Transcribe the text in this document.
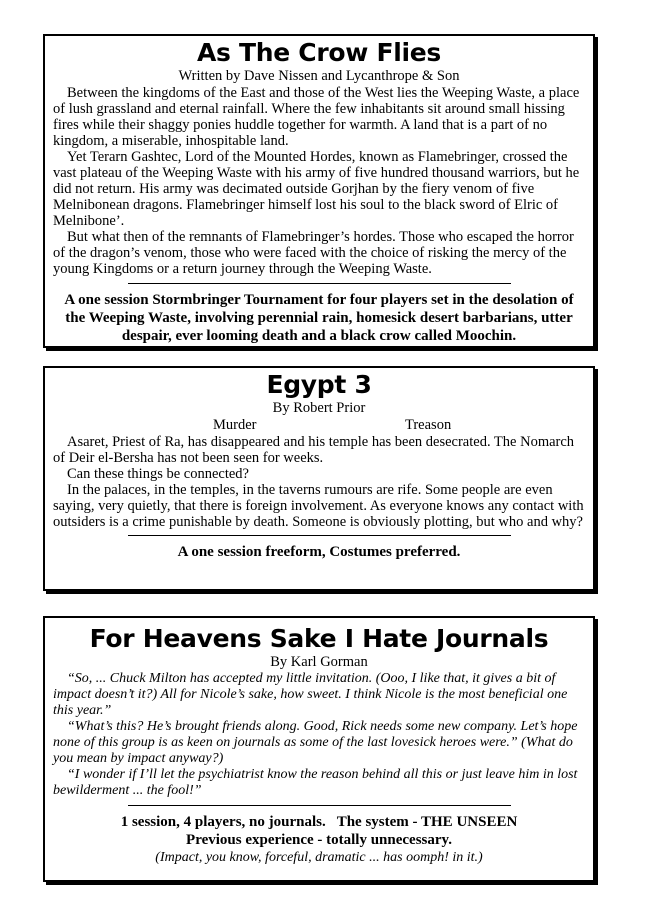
As The Crow Flies
Written by Dave Nissen and Lycanthrope & Son

Between the kingdoms of the East and those of the West lies the Weeping Waste, a place of lush grassland and eternal rainfall. Where the few inhabitants sit around small hissing fires while their shaggy ponies huddle together for warmth. A land that is a part of no kingdom, a miserable, inhospitable land.

Yet Terarn Gashtec, Lord of the Mounted Hordes, known as Flamebringer, crossed the vast plateau of the Weeping Waste with his army of five hundred thousand warriors, but he did not return. His army was decimated outside Gorjhan by the fiery venom of five Melnibonean dragons. Flamebringer himself lost his soul to the black sword of Elric of Melnibone’.

But what then of the remnants of Flamebringer’s hordes. Those who escaped the horror of the dragon’s venom, those who were faced with the choice of risking the mercy of the young Kingdoms or a return journey through the Weeping Waste.

A one session Stormbringer Tournament for four players set in the desolation of the Weeping Waste, involving perennial rain, homesick desert barbarians, utter despair, ever looming death and a black crow called Moochin.
Egypt 3
By Robert Prior
Murder	Treason

Asaret, Priest of Ra, has disappeared and his temple has been desecrated. The Nomarch of Deir el-Bersha has not been seen for weeks.

Can these things be connected?

In the palaces, in the temples, in the taverns rumours are rife. Some people are even saying, very quietly, that there is foreign involvement. As everyone knows any contact with outsiders is a crime punishable by death. Someone is obviously plotting, but who and why?

A one session freeform, Costumes preferred.
For Heavens Sake I Hate Journals
By Karl Gorman

“So, ... Chuck Milton has accepted my little invitation. (Ooo, I like that, it gives a bit of impact doesn’t it?) All for Nicole’s sake, how sweet. I think Nicole is the most beneficial one this year.”

“What’s this? He’s brought friends along. Good, Rick needs some new company. Let’s hope none of this group is as keen on journals as some of the last lovesick heroes were.” (What do you mean by impact anyway?)

“I wonder if I’ll let the psychiatrist know the reason behind all this or just leave him in lost bewilderment ... the fool!”

1 session, 4 players, no journals.   The system - THE UNSEEN
Previous experience - totally unnecessary.
(Impact, you know, forceful, dramatic ... has oomph! in it.)
